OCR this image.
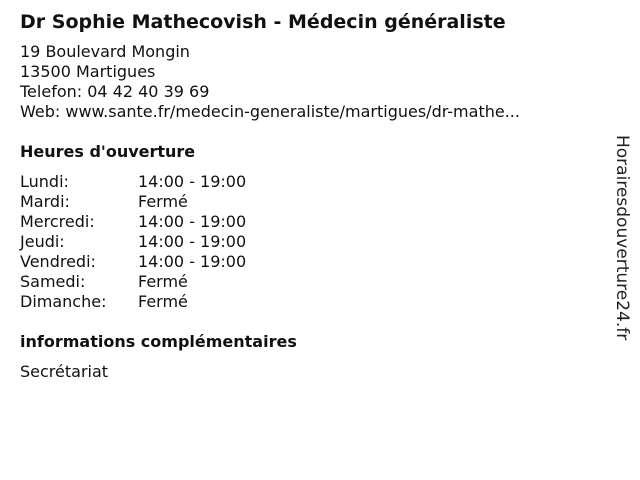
Dr Sophie Mathecovish - Médecin généraliste
19 Boulevard Mongin
13500 Martigues
Telefon: 04 42 40 39 69
Web: www.sante.fr/medecin-generaliste/martigues/dr-mathe...
Heures d'ouverture
Lundi:	14:00 - 19:00
Mardi:	Fermé
Mercredi:	14:00 - 19:00
Jeudi:	14:00 - 19:00
Vendredi:	14:00 - 19:00
Samedi:	Fermé
Dimanche:	Fermé
informations complémentaires
Secrétariat
Horairesdouverture24.fr
